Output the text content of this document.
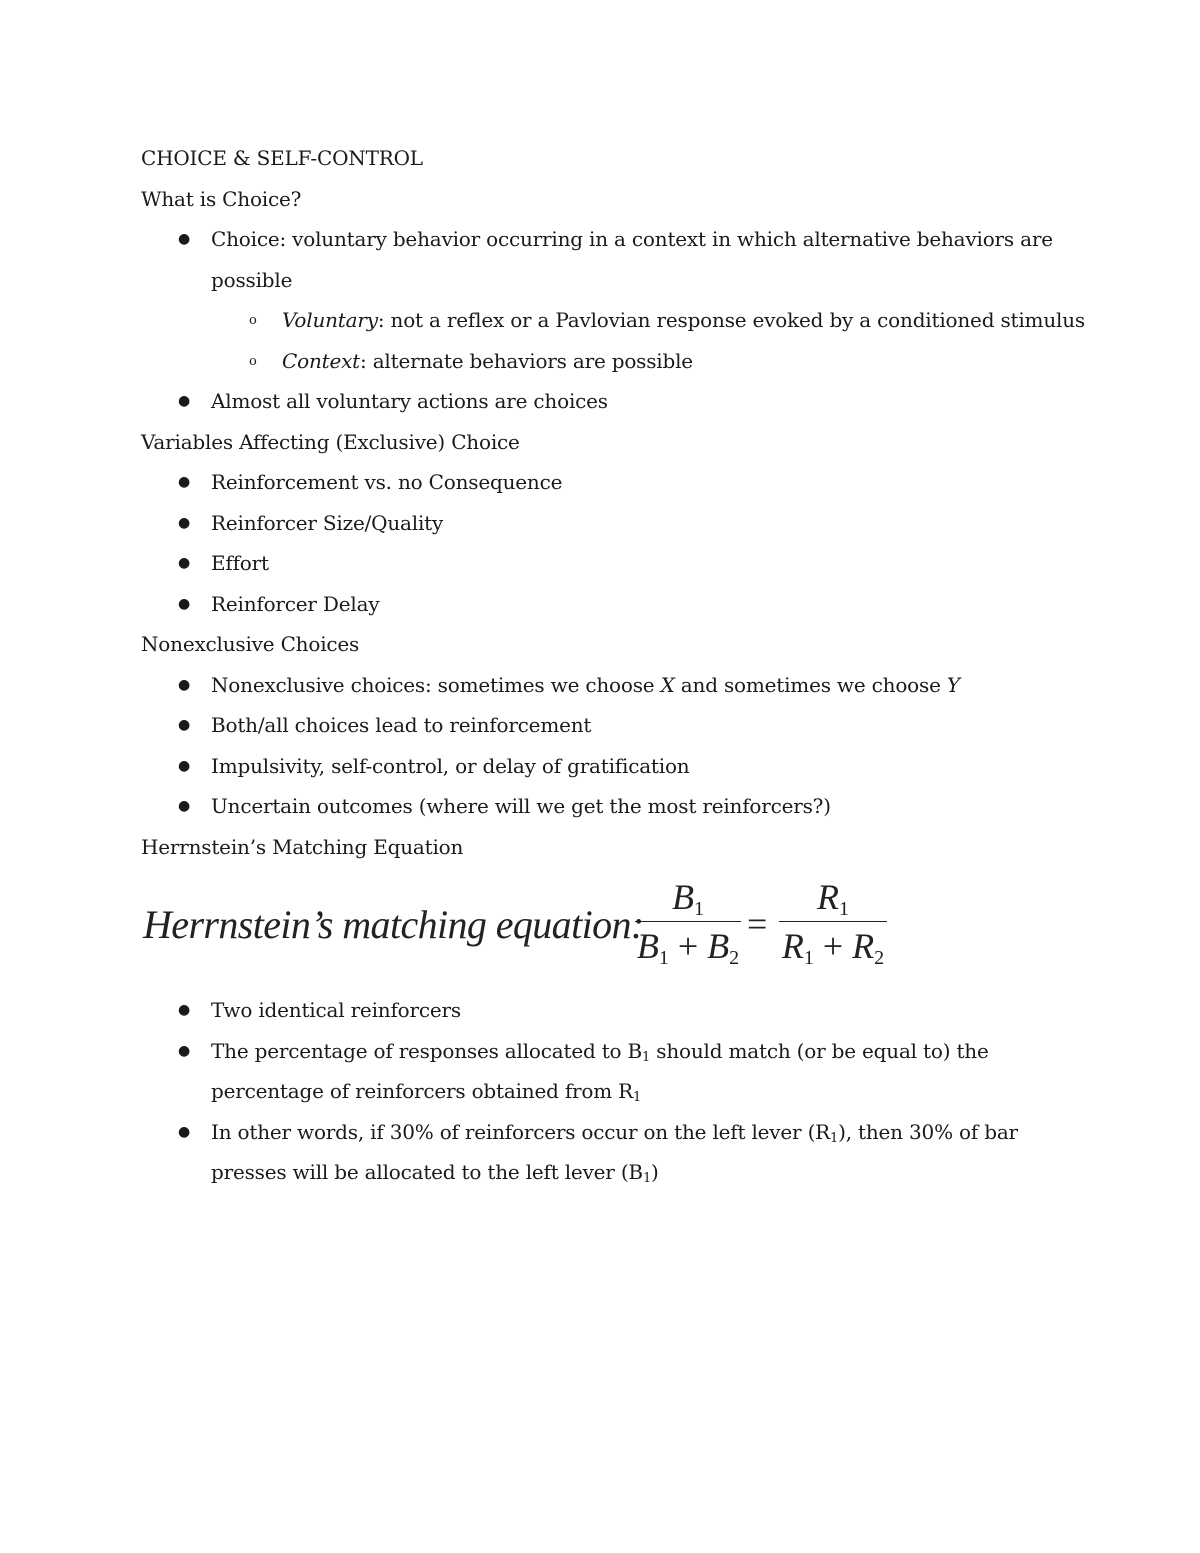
CHOICE & SELF-CONTROL

What is Choice?

● Choice: voluntary behavior occurring in a context in which alternative behaviors are possible
o Voluntary: not a reflex or a Pavlovian response evoked by a conditioned stimulus
o Context: alternate behaviors are possible
● Almost all voluntary actions are choices

Variables Affecting (Exclusive) Choice

● Reinforcement vs. no Consequence
● Reinforcer Size/Quality
● Effort
● Reinforcer Delay

Nonexclusive Choices

● Nonexclusive choices: sometimes we choose X and sometimes we choose Y
● Both/all choices lead to reinforcement
● Impulsivity, self-control, or delay of gratification
● Uncertain outcomes (where will we get the most reinforcers?)

Herrnstein’s Matching Equation

Herrnstein’s matching equation:
$B_1$
$B_1 + B_2$
=
$R_1$
$R_1 + R_2$
● Two identical reinforcers
● The percentage of responses allocated to $B_1$ should match (or be equal to) the percentage of reinforcers obtained from $R_1$
● In other words, if 30% of reinforcers occur on the left lever $(R_1)$, then 30% of bar presses will be allocated to the left lever $(B_1)$
